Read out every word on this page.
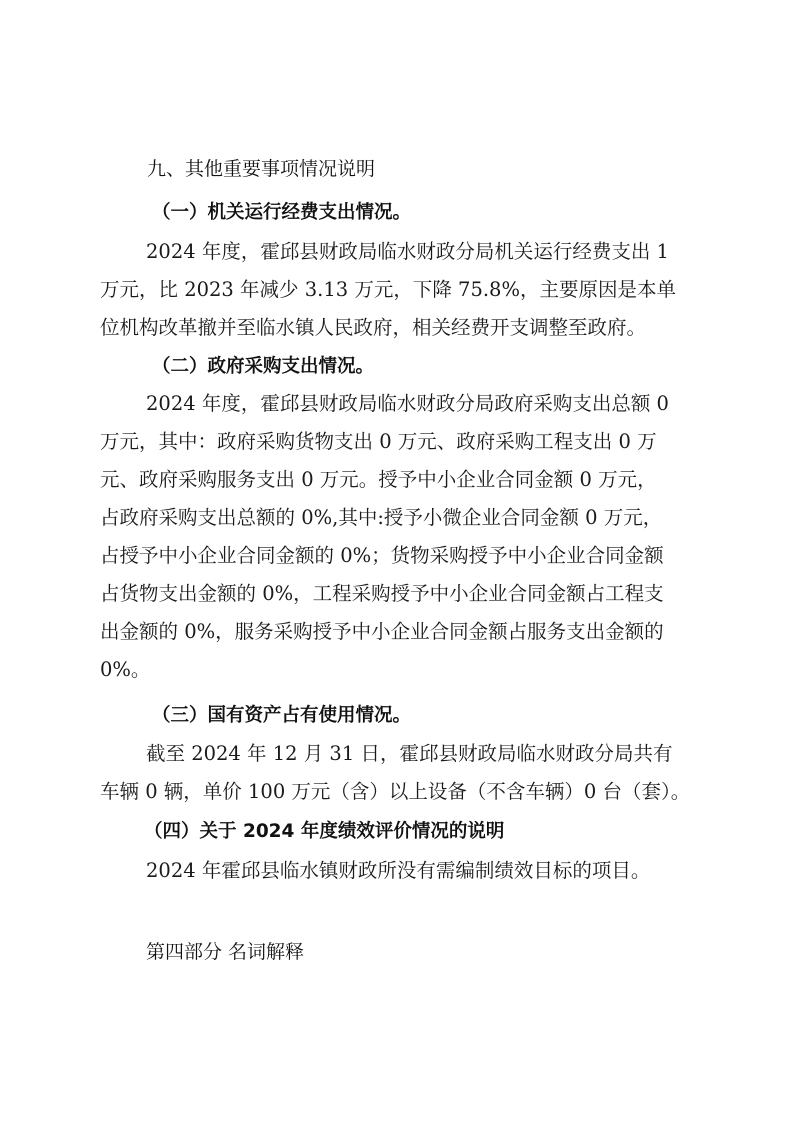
九、其他重要事项情况说明
（一）机关运行经费支出情况。
2024 年度，霍邱县财政局临水财政分局机关运行经费支出 1
万元，比 2023 年减少 3.13 万元，下降 75.8%，主要原因是本单
位机构改革撤并至临水镇人民政府，相关经费开支调整至政府。
（二）政府采购支出情况。
2024 年度，霍邱县财政局临水财政分局政府采购支出总额 0
万元，其中：政府采购货物支出 0 万元、政府采购工程支出 0 万
元、政府采购服务支出 0 万元。授予中小企业合同金额 0 万元，
占政府采购支出总额的 0%,其中:授予小微企业合同金额 0 万元，
占授予中小企业合同金额的 0%；货物采购授予中小企业合同金额
占货物支出金额的 0%，工程采购授予中小企业合同金额占工程支
出金额的 0%，服务采购授予中小企业合同金额占服务支出金额的
0%。
（三）国有资产占有使用情况。
截至 2024 年 12 月 31 日，霍邱县财政局临水财政分局共有
车辆 0 辆，单价 100 万元（含）以上设备（不含车辆）0 台（套）。
（四）关于 2024 年度绩效评价情况的说明
2024 年霍邱县临水镇财政所没有需编制绩效目标的项目。
第四部分 名词解释
